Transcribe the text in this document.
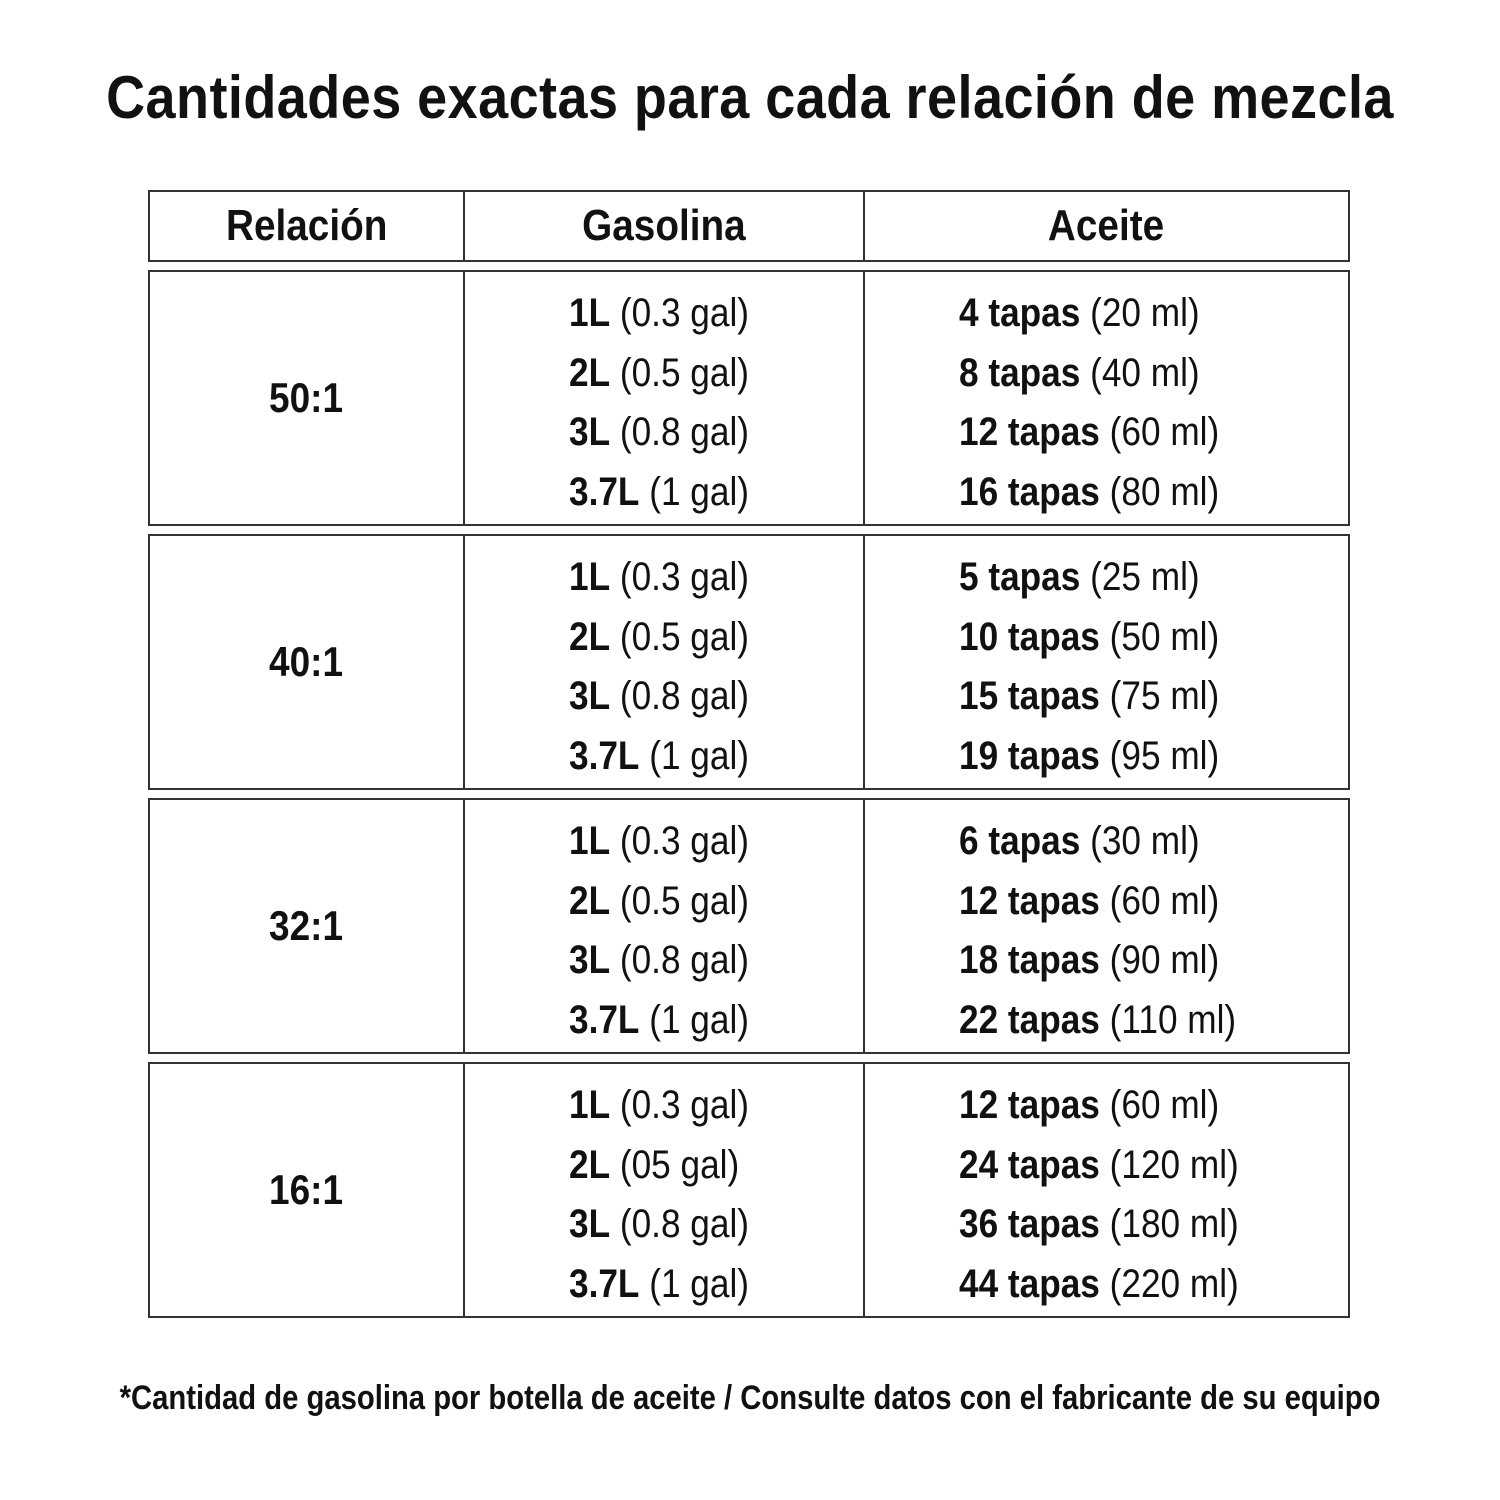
Cantidades exactas para cada relación de mezcla
Relación	Gasolina	Aceite
50:1
1L (0.3 gal)
2L (0.5 gal)
3L (0.8 gal)
3.7L (1 gal)
4 tapas (20 ml)
8 tapas (40 ml)
12 tapas (60 ml)
16 tapas (80 ml)
40:1
1L (0.3 gal)
2L (0.5 gal)
3L (0.8 gal)
3.7L (1 gal)
5 tapas (25 ml)
10 tapas (50 ml)
15 tapas (75 ml)
19 tapas (95 ml)
32:1
1L (0.3 gal)
2L (0.5 gal)
3L (0.8 gal)
3.7L (1 gal)
6 tapas (30 ml)
12 tapas (60 ml)
18 tapas (90 ml)
22 tapas (110 ml)
16:1
1L (0.3 gal)
2L (05 gal)
3L (0.8 gal)
3.7L (1 gal)
12 tapas (60 ml)
24 tapas (120 ml)
36 tapas (180 ml)
44 tapas (220 ml)
*Cantidad de gasolina por botella de aceite / Consulte datos con el fabricante de su equipo
